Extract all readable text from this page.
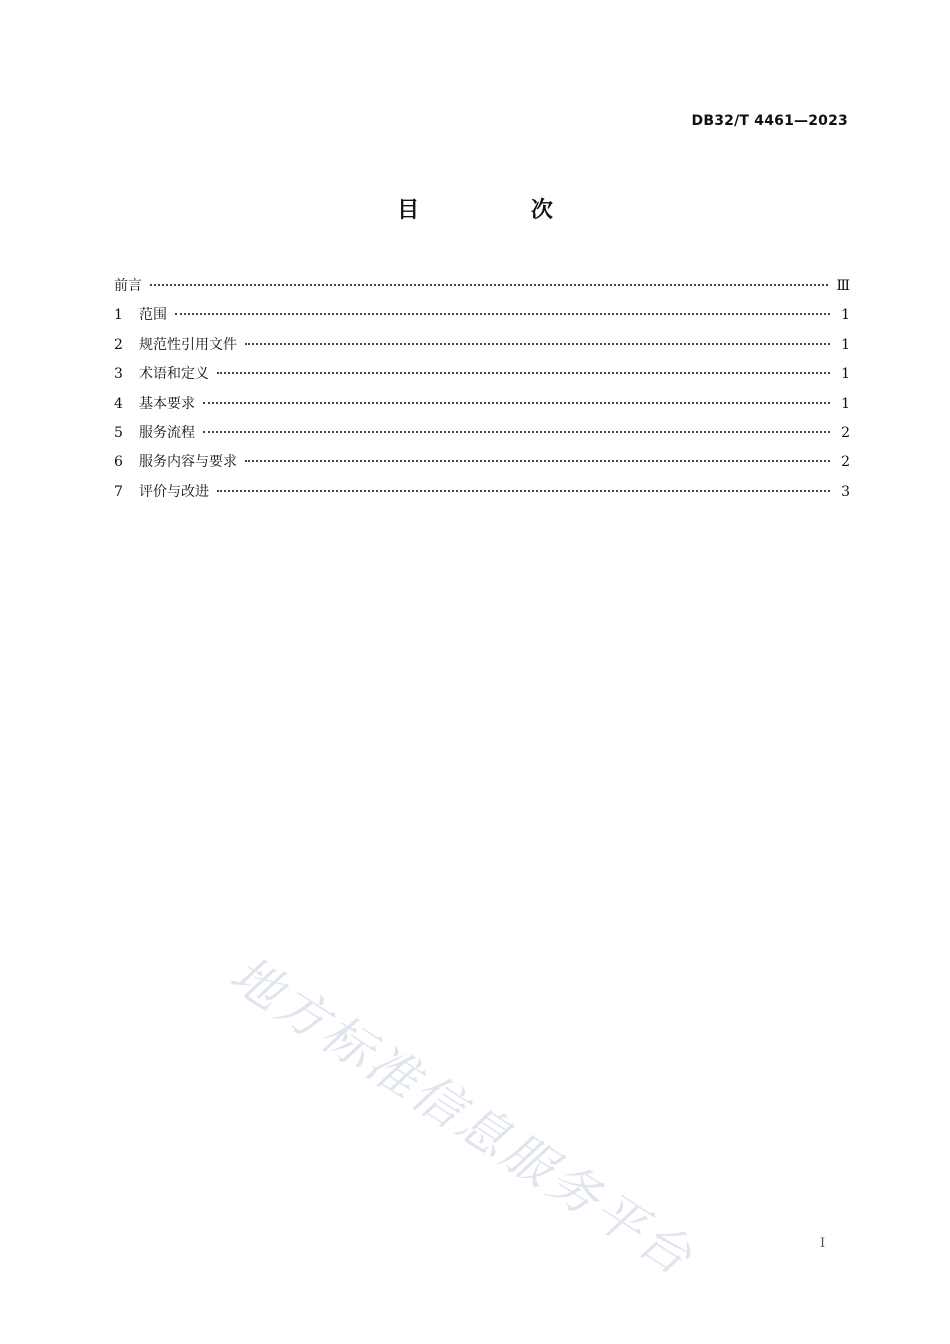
DB32/T 4461—2023
目 次
前言	Ⅲ
1	范围	1
2	规范性引用文件	1
3	术语和定义	1
4	基本要求	1
5	服务流程	2
6	服务内容与要求	2
7	评价与改进	3
地方标准信息服务平台	I
